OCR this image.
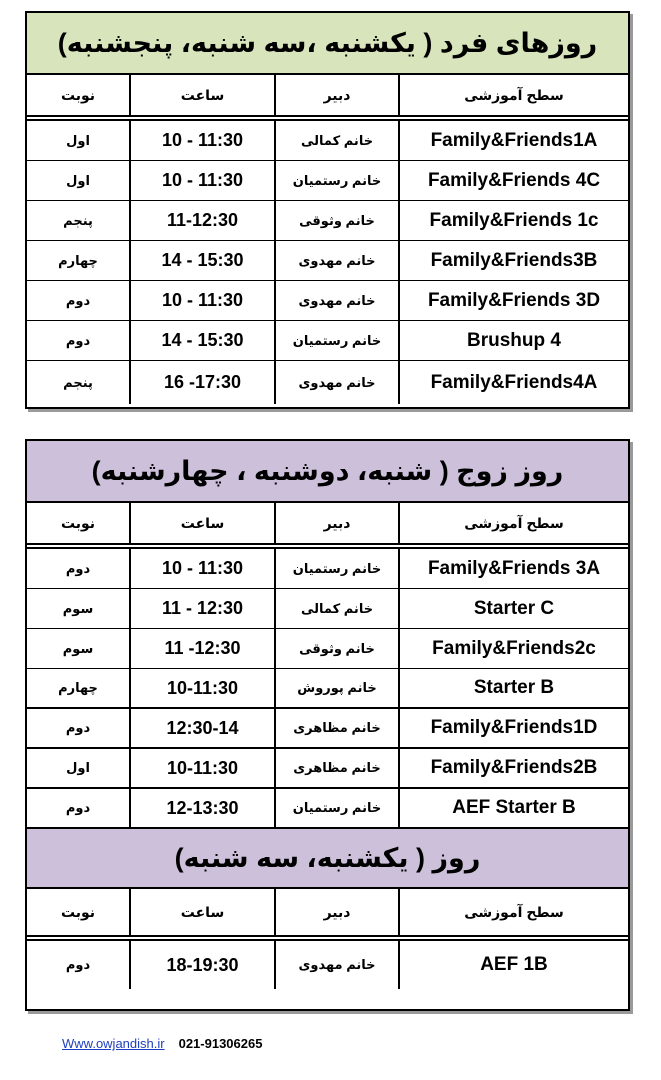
روزهای فرد ( یکشنبه ،سه شنبه، پنجشنبه)
نوبت	ساعت	دبیر	سطح آموزشی
اول	10 - 11:30	خانم کمالی	Family&Friends1A
اول	10 - 11:30	خانم رستمیان	Family&Friends 4C
پنجم	11-12:30	خانم وثوقی	Family&Friends 1c
چهارم	14 - 15:30	خانم مهدوی	Family&Friends3B
دوم	10 - 11:30	خانم مهدوی	Family&Friends 3D
دوم	14 - 15:30	خانم رستمیان	Brushup 4
پنجم	16 -17:30	خانم مهدوی	Family&Friends4A
روز زوج ( شنبه، دوشنبه ، چهارشنبه)
نوبت	ساعت	دبیر	سطح آموزشی
دوم	10 - 11:30	خانم رستمیان	Family&Friends 3A
سوم	11 - 12:30	خانم کمالی	Starter C
سوم	11 -12:30	خانم وثوقی	Family&Friends2c
چهارم	10-11:30	خانم پوروش	Starter B
دوم	12:30-14	خانم مظاهری	Family&Friends1D
اول	10-11:30	خانم مظاهری	Family&Friends2B
دوم	12-13:30	خانم رستمیان	AEF Starter B
روز ( یکشنبه، سه شنبه)
نوبت	ساعت	دبیر	سطح آموزشی
دوم	18-19:30	خانم مهدوی	AEF 1B
Www.owjandish.ir 021-91306265
